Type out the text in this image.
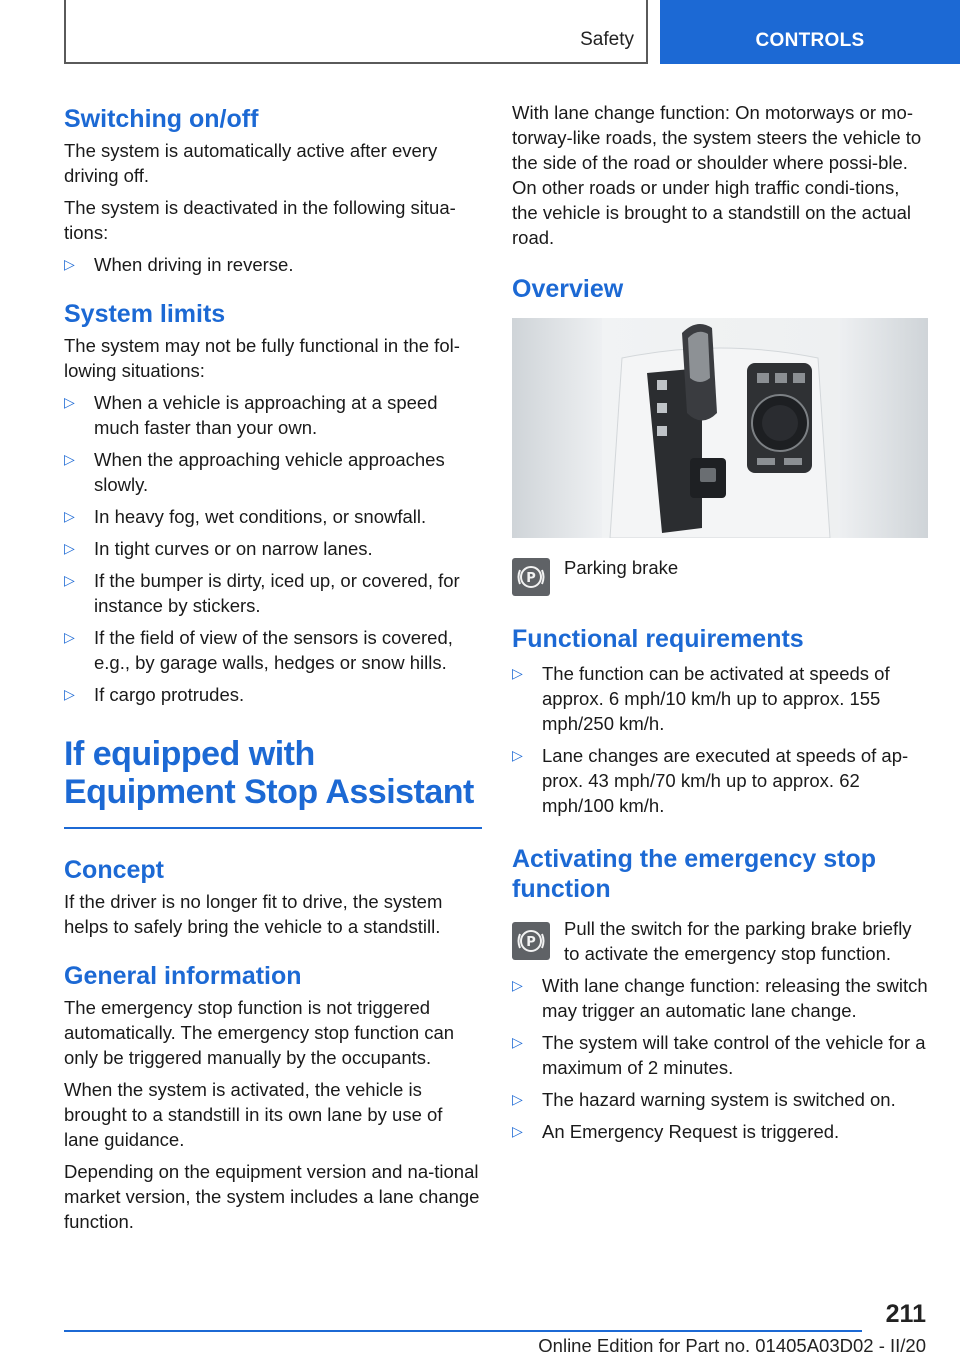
Safety	CONTROLS
Switching on/off

The system is automatically active after every driving off.

The system is deactivated in the following situa-tions:

▷	When driving in reverse.
System limits

The system may not be fully functional in the fol-lowing situations:

▷	When a vehicle is approaching at a speed much faster than your own.
▷	When the approaching vehicle approaches slowly.
▷	In heavy fog, wet conditions, or snowfall.
▷	In tight curves or on narrow lanes.
▷	If the bumper is dirty, iced up, or covered, for instance by stickers.
▷	If the field of view of the sensors is covered, e.g., by garage walls, hedges or snow hills.
▷	If cargo protrudes.
If equipped with Equipment Stop Assistant
Concept

If the driver is no longer fit to drive, the system helps to safely bring the vehicle to a standstill.

General information

The emergency stop function is not triggered automatically. The emergency stop function can only be triggered manually by the occupants.

When the system is activated, the vehicle is brought to a standstill in its own lane by use of lane guidance.

Depending on the equipment version and na-tional market version, the system includes a lane change function.

With lane change function: On motorways or mo-torway-like roads, the system steers the vehicle to the side of the road or shoulder where possi-ble. On other roads or under high traffic condi-tions, the vehicle is brought to a standstill on the actual road.

Overview
P
Parking brake
Functional requirements
▷	The function can be activated at speeds of approx. 6 mph/10 km/h up to approx. 155 mph/250 km/h.
▷	Lane changes are executed at speeds of ap-prox. 43 mph/70 km/h up to approx. 62 mph/100 km/h.
Activating the emergency stop function
P
Pull the switch for the parking brake briefly to activate the emergency stop function.
▷	With lane change function: releasing the switch may trigger an automatic lane change.
▷	The system will take control of the vehicle for a maximum of 2 minutes.
▷	The hazard warning system is switched on.
▷	An Emergency Request is triggered.
211
Online Edition for Part no. 01405A03D02 - II/20
